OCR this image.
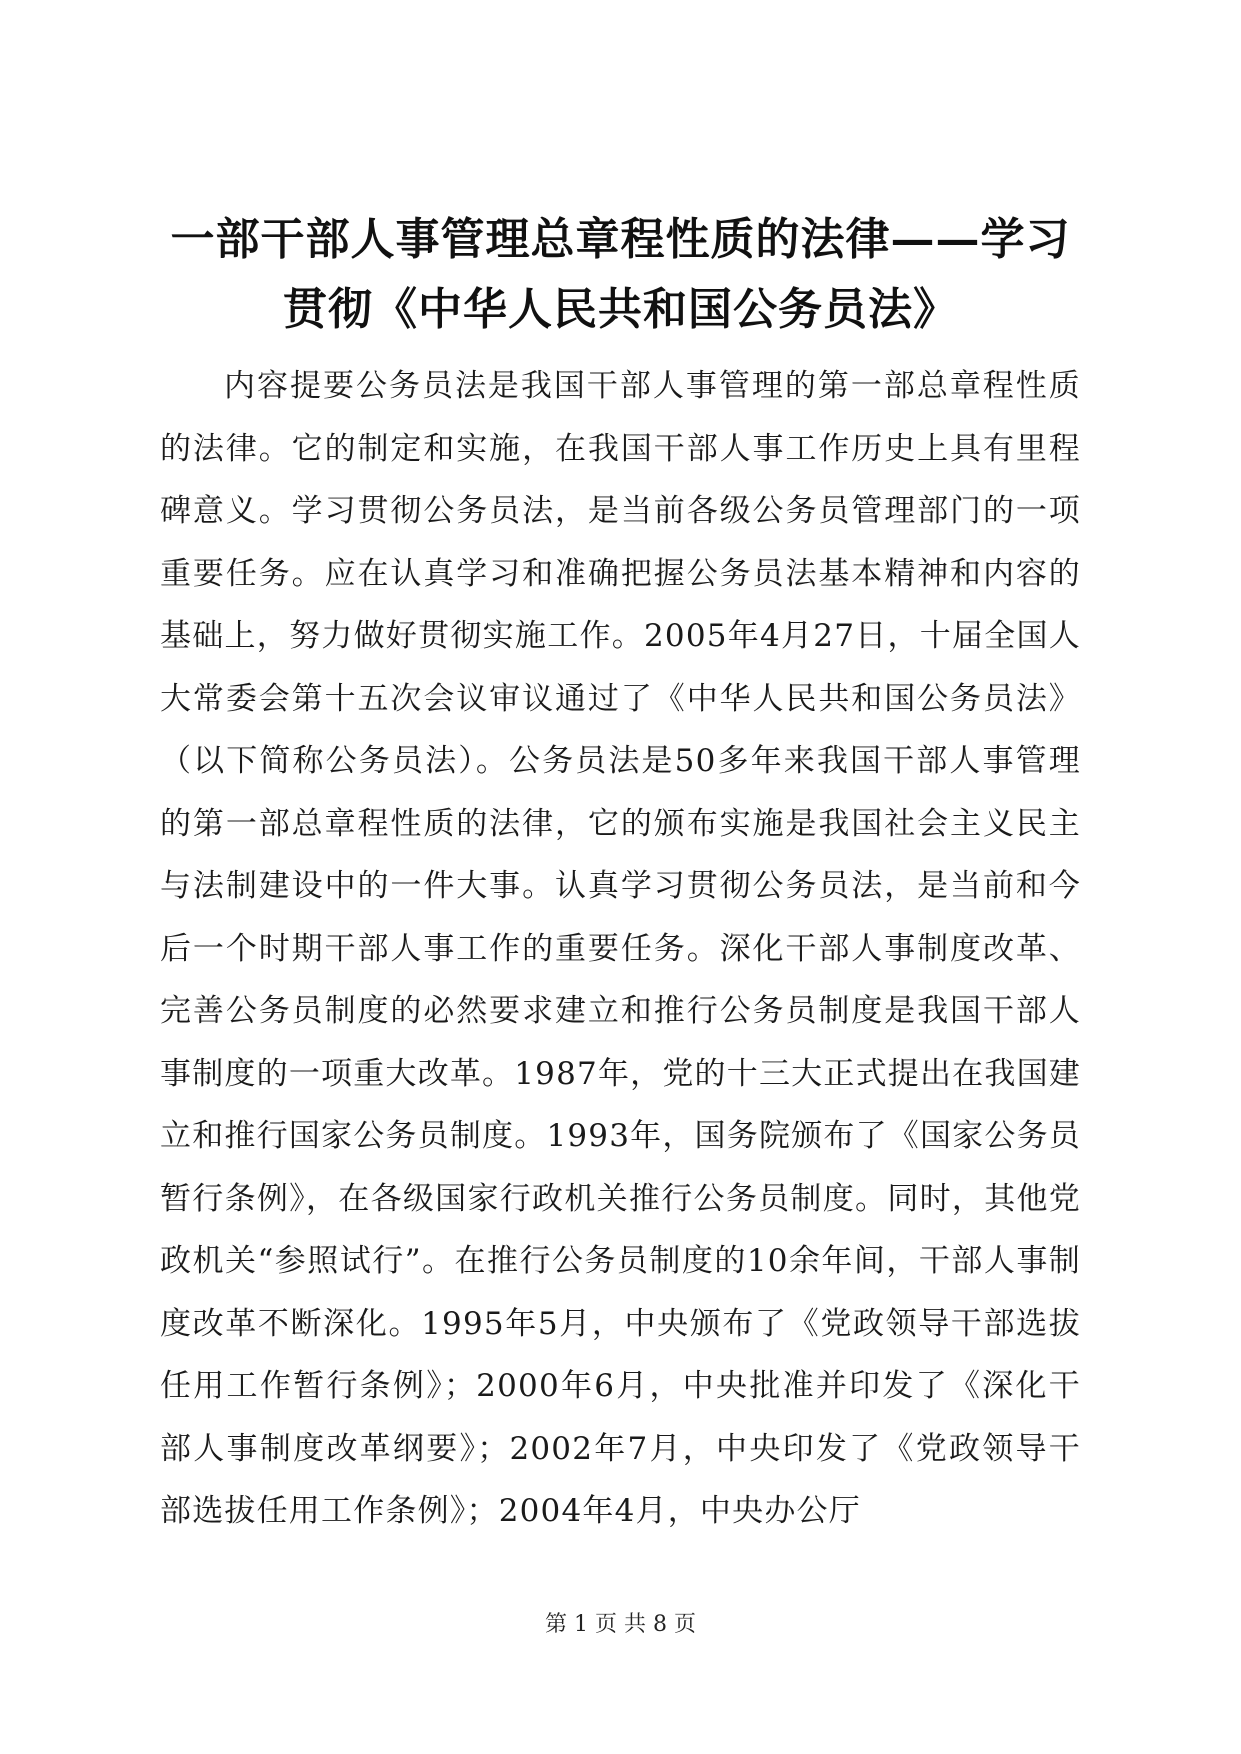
一部干部人事管理总章程性质的法律——学习
贯彻《中华人民共和国公务员法》

内容提要公务员法是我国干部人事管理的第一部总章程性质的法律。它的制定和实施，在我国干部人事工作历史上具有里程碑意义。学习贯彻公务员法，是当前各级公务员管理部门的一项重要任务。应在认真学习和准确把握公务员法基本精神和内容的基础上，努力做好贯彻实施工作。2005年4月27日，十届全国人大常委会第十五次会议审议通过了《中华人民共和国公务员法》（以下简称公务员法）。公务员法是50多年来我国干部人事管理的第一部总章程性质的法律，它的颁布实施是我国社会主义民主与法制建设中的一件大事。认真学习贯彻公务员法，是当前和今后一个时期干部人事工作的重要任务。深化干部人事制度改革、完善公务员制度的必然要求建立和推行公务员制度是我国干部人事制度的一项重大改革。1987年，党的十三大正式提出在我国建立和推行国家公务员制度。1993年，国务院颁布了《国家公务员暂行条例》，在各级国家行政机关推行公务员制度。同时，其他党政机关“参照试行”。在推行公务员制度的10余年间，干部人事制度改革不断深化。1995年5月，中央颁布了《党政领导干部选拔任用工作暂行条例》；2000年6月，中央批准并印发了《深化干部人事制度改革纲要》；2002年7月，中央印发了《党政领导干部选拔任用工作条例》；2004年4月，中央办公厅

第 1 页 共 8 页
